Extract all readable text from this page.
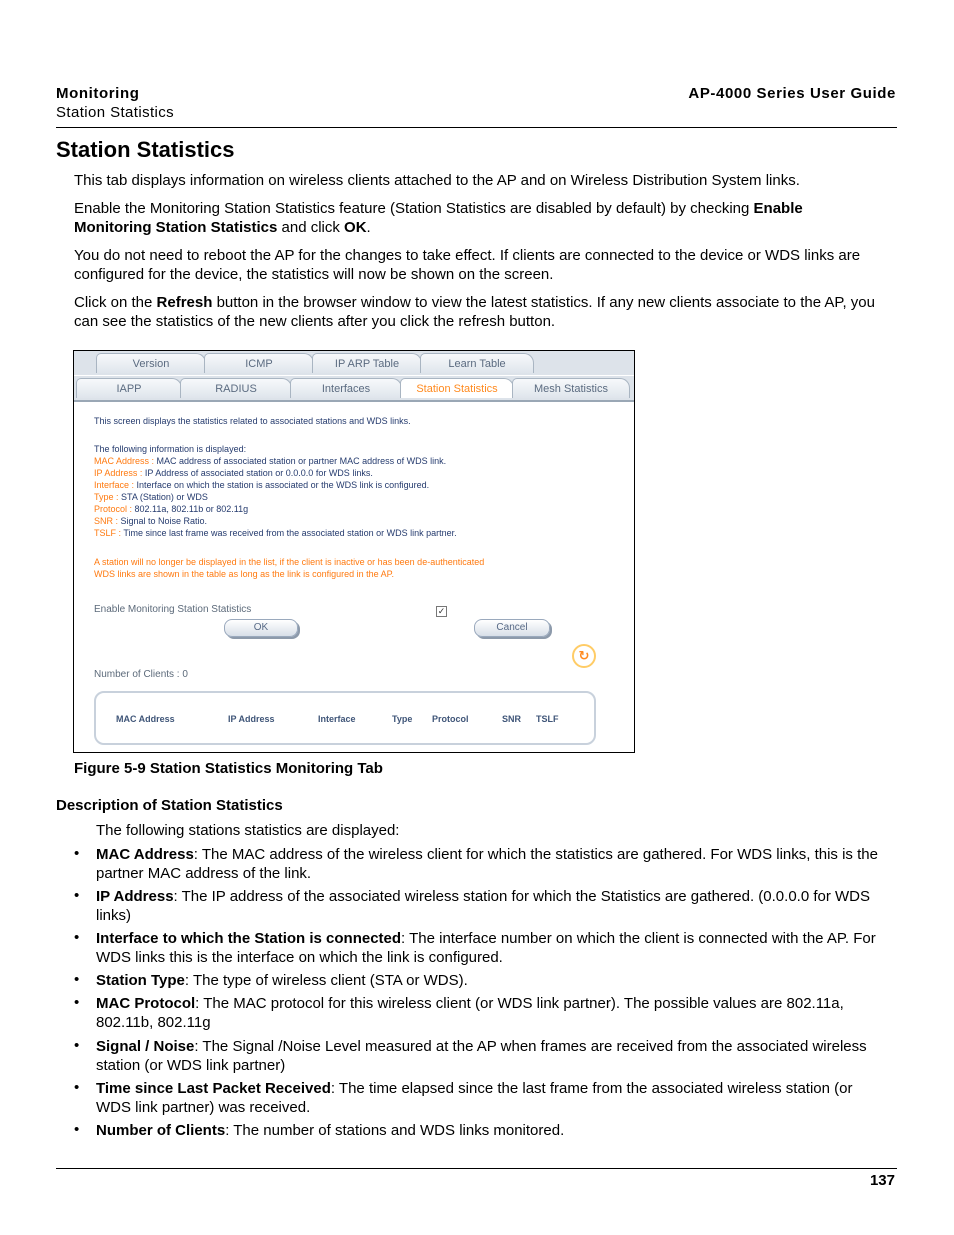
Monitoring
Station Statistics
AP-4000 Series User Guide
Station Statistics
This tab displays information on wireless clients attached to the AP and on Wireless Distribution System links.
Enable the Monitoring Station Statistics feature (Station Statistics are disabled by default) by checking Enable
Monitoring Station Statistics and click OK.
You do not need to reboot the AP for the changes to take effect. If clients are connected to the device or WDS links are
configured for the device, the statistics will now be shown on the screen.
Click on the Refresh button in the browser window to view the latest statistics. If any new clients associate to the AP, you
can see the statistics of the new clients after you click the refresh button.
Version	ICMP	IP ARP Table	Learn Table
IAPP	RADIUS	Interfaces	Station Statistics	Mesh Statistics
This screen displays the statistics related to associated stations and WDS links.
The following information is displayed:
MAC Address : MAC address of associated station or partner MAC address of WDS link.
IP Address : IP Address of associated station or 0.0.0.0 for WDS links.
Interface : Interface on which the station is associated or the WDS link is configured.
Type : STA (Station) or WDS
Protocol : 802.11a, 802.11b or 802.11g
SNR : Signal to Noise Ratio.
TSLF : Time since last frame was received from the associated station or WDS link partner.
A station will no longer be displayed in the list, if the client is inactive or has been de-authenticated
WDS links are shown in the table as long as the link is configured in the AP.
Enable Monitoring Station Statistics	✓
OK	Cancel
↻
Number of Clients : 0
MAC Address	IP Address	Interface	Type Protocol	SNR TSLF
Figure 5-9 Station Statistics Monitoring Tab
Description of Station Statistics
The following stations statistics are displayed:
• MAC Address: The MAC address of the wireless client for which the statistics are gathered. For WDS links, this is the
partner MAC address of the link.
• IP Address: The IP address of the associated wireless station for which the Statistics are gathered. (0.0.0.0 for WDS
links)
• Interface to which the Station is connected: The interface number on which the client is connected with the AP. For
WDS links this is the interface on which the link is configured.
• Station Type: The type of wireless client (STA or WDS).
• MAC Protocol: The MAC protocol for this wireless client (or WDS link partner). The possible values are 802.11a,
802.11b, 802.11g
• Signal / Noise: The Signal /Noise Level measured at the AP when frames are received from the associated wireless
station (or WDS link partner)
• Time since Last Packet Received: The time elapsed since the last frame from the associated wireless station (or
WDS link partner) was received.
• Number of Clients: The number of stations and WDS links monitored.
137
